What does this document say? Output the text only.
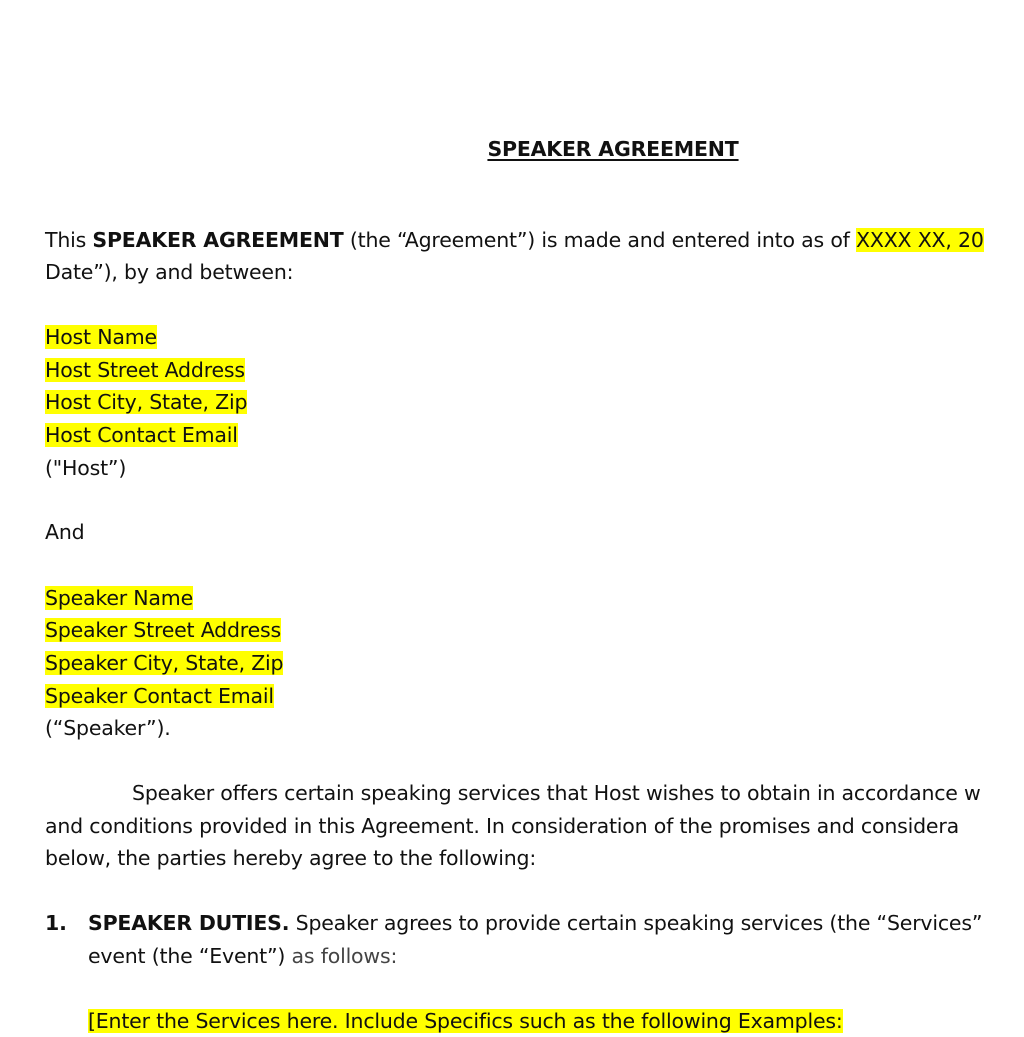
SPEAKER AGREEMENT
This SPEAKER AGREEMENT (the “Agreement”) is made and entered into as of XXXX XX, 20
Date”), by and between:
Host Name
Host Street Address
Host City, State, Zip
Host Contact Email
("Host”)
And
Speaker Name
Speaker Street Address
Speaker City, State, Zip
Speaker Contact Email
(“Speaker”).
Speaker offers certain speaking services that Host wishes to obtain in accordance w
and conditions provided in this Agreement. In consideration of the promises and considera
below, the parties hereby agree to the following:
1. SPEAKER DUTIES. Speaker agrees to provide certain speaking services (the “Services”
event (the “Event”) as follows:
[Enter the Services here. Include Specifics such as the following Examples:
